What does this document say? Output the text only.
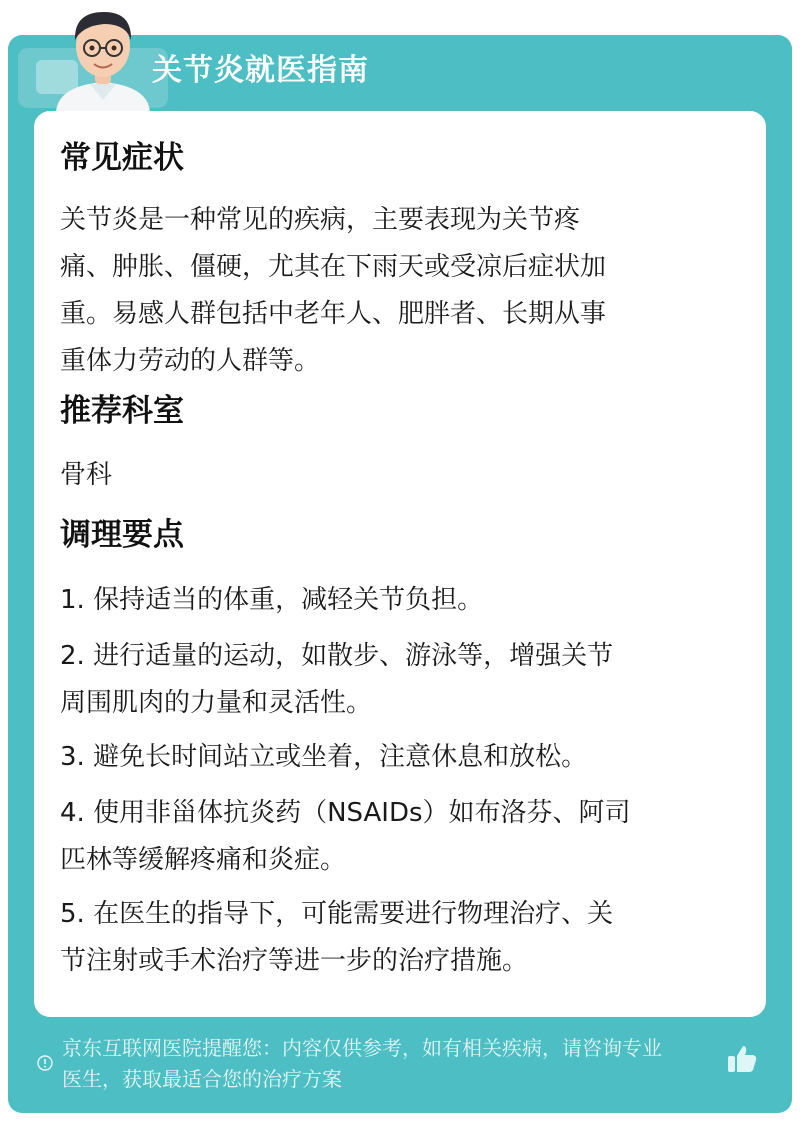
关节炎就医指南
常见症状
关节炎是一种常见的疾病，主要表现为关节疼
痛、肿胀、僵硬，尤其在下雨天或受凉后症状加
重。易感人群包括中老年人、肥胖者、长期从事
重体力劳动的人群等。
推荐科室
骨科
调理要点
1. 保持适当的体重，减轻关节负担。
2. 进行适量的运动，如散步、游泳等，增强关节
周围肌肉的力量和灵活性。
3. 避免长时间站立或坐着，注意休息和放松。
4. 使用非甾体抗炎药（NSAIDs）如布洛芬、阿司
匹林等缓解疼痛和炎症。
5. 在医生的指导下，可能需要进行物理治疗、关
节注射或手术治疗等进一步的治疗措施。
京东互联网医院提醒您：内容仅供参考，如有相关疾病，请咨询专业
医生，获取最适合您的治疗方案
